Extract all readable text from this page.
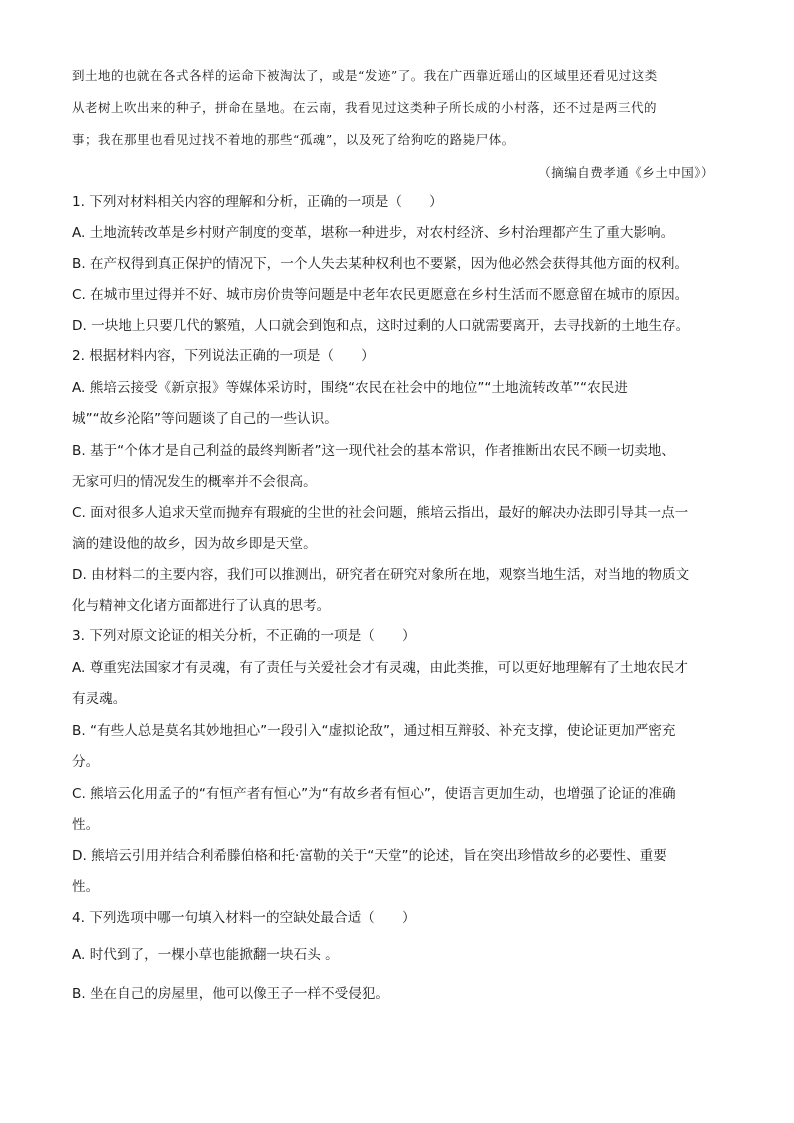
到土地的也就在各式各样的运命下被淘汰了，或是“发迹”了。我在广西靠近瑶山的区域里还看见过这类
从老树上吹出来的种子，拼命在垦地。在云南，我看见过这类种子所长成的小村落，还不过是两三代的
事；我在那里也看见过找不着地的那些“孤魂”，以及死了给狗吃的路毙尸体。
（摘编自费孝通《乡土中国》）
1. 下列对材料相关内容的理解和分析，正确的一项是（　　）
A. 土地流转改革是乡村财产制度的变革，堪称一种进步，对农村经济、乡村治理都产生了重大影响。
B. 在产权得到真正保护的情况下，一个人失去某种权利也不要紧，因为他必然会获得其他方面的权利。
C. 在城市里过得并不好、城市房价贵等问题是中老年农民更愿意在乡村生活而不愿意留在城市的原因。
D. 一块地上只要几代的繁殖，人口就会到饱和点，这时过剩的人口就需要离开，去寻找新的土地生存。
2. 根据材料内容，下列说法正确的一项是（　　）
A. 熊培云接受《新京报》等媒体采访时，围绕“农民在社会中的地位”“土地流转改革”“农民进
城”“故乡沦陷”等问题谈了自己的一些认识。
B. 基于“个体才是自己利益的最终判断者”这一现代社会的基本常识，作者推断出农民不顾一切卖地、
无家可归的情况发生的概率并不会很高。
C. 面对很多人追求天堂而抛弃有瑕疵的尘世的社会问题，熊培云指出，最好的解决办法即引导其一点一
滴的建设他的故乡，因为故乡即是天堂。
D. 由材料二的主要内容，我们可以推测出，研究者在研究对象所在地，观察当地生活，对当地的物质文
化与精神文化诸方面都进行了认真的思考。
3. 下列对原文论证的相关分析，不正确的一项是（　　）
A. 尊重宪法国家才有灵魂，有了责任与关爱社会才有灵魂，由此类推，可以更好地理解有了土地农民才
有灵魂。
B. “有些人总是莫名其妙地担心”一段引入“虚拟论敌”，通过相互辩驳、补充支撑，使论证更加严密充
分。
C. 熊培云化用孟子的“有恒产者有恒心”为“有故乡者有恒心”，使语言更加生动，也增强了论证的准确
性。
D. 熊培云引用并结合利希滕伯格和托·富勒的关于“天堂”的论述，旨在突出珍惜故乡的必要性、重要
性。
4. 下列选项中哪一句填入材料一的空缺处最合适（　　）
A. 时代到了，一棵小草也能掀翻一块石头 。
B. 坐在自己的房屋里，他可以像王子一样不受侵犯。
